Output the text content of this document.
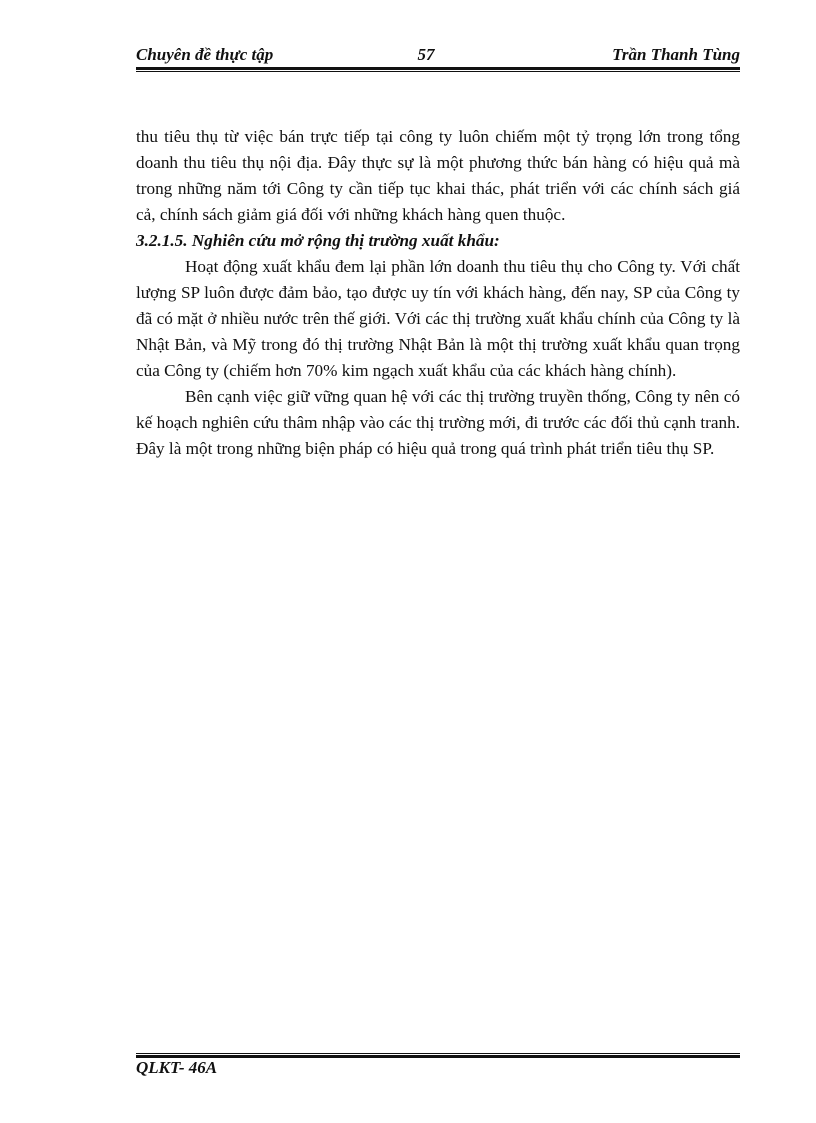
Chuyên đề thực tập	57	Trần Thanh Tùng

thu tiêu thụ từ việc bán trực tiếp tại công ty luôn chiếm một tỷ trọng lớn trong tổng doanh thu tiêu thụ nội địa. Đây thực sự là một phương thức bán hàng có hiệu quả mà trong những năm tới Công ty cần tiếp tục khai thác, phát triển với các chính sách giá cả, chính sách giảm giá đối với những khách hàng quen thuộc.

3.2.1.5. Nghiên cứu mở rộng thị trường xuất khẩu:

Hoạt động xuất khẩu đem lại phần lớn doanh thu tiêu thụ cho Công ty. Với chất lượng SP luôn được đảm bảo, tạo được uy tín với khách hàng, đến nay, SP của Công ty đã có mặt ở nhiều nước trên thế giới. Với các thị trường xuất khẩu chính của Công ty là Nhật Bản, và Mỹ trong đó thị trường Nhật Bản là một thị trường xuất khẩu quan trọng của Công ty (chiếm hơn 70% kim ngạch xuất khẩu của các khách hàng chính).

Bên cạnh việc giữ vững quan hệ với các thị trường truyền thống, Công ty nên có kế hoạch nghiên cứu thâm nhập vào các thị trường mới, đi trước các đối thủ cạnh tranh. Đây là một trong những biện pháp có hiệu quả trong quá trình phát triển tiêu thụ SP.

QLKT- 46A
